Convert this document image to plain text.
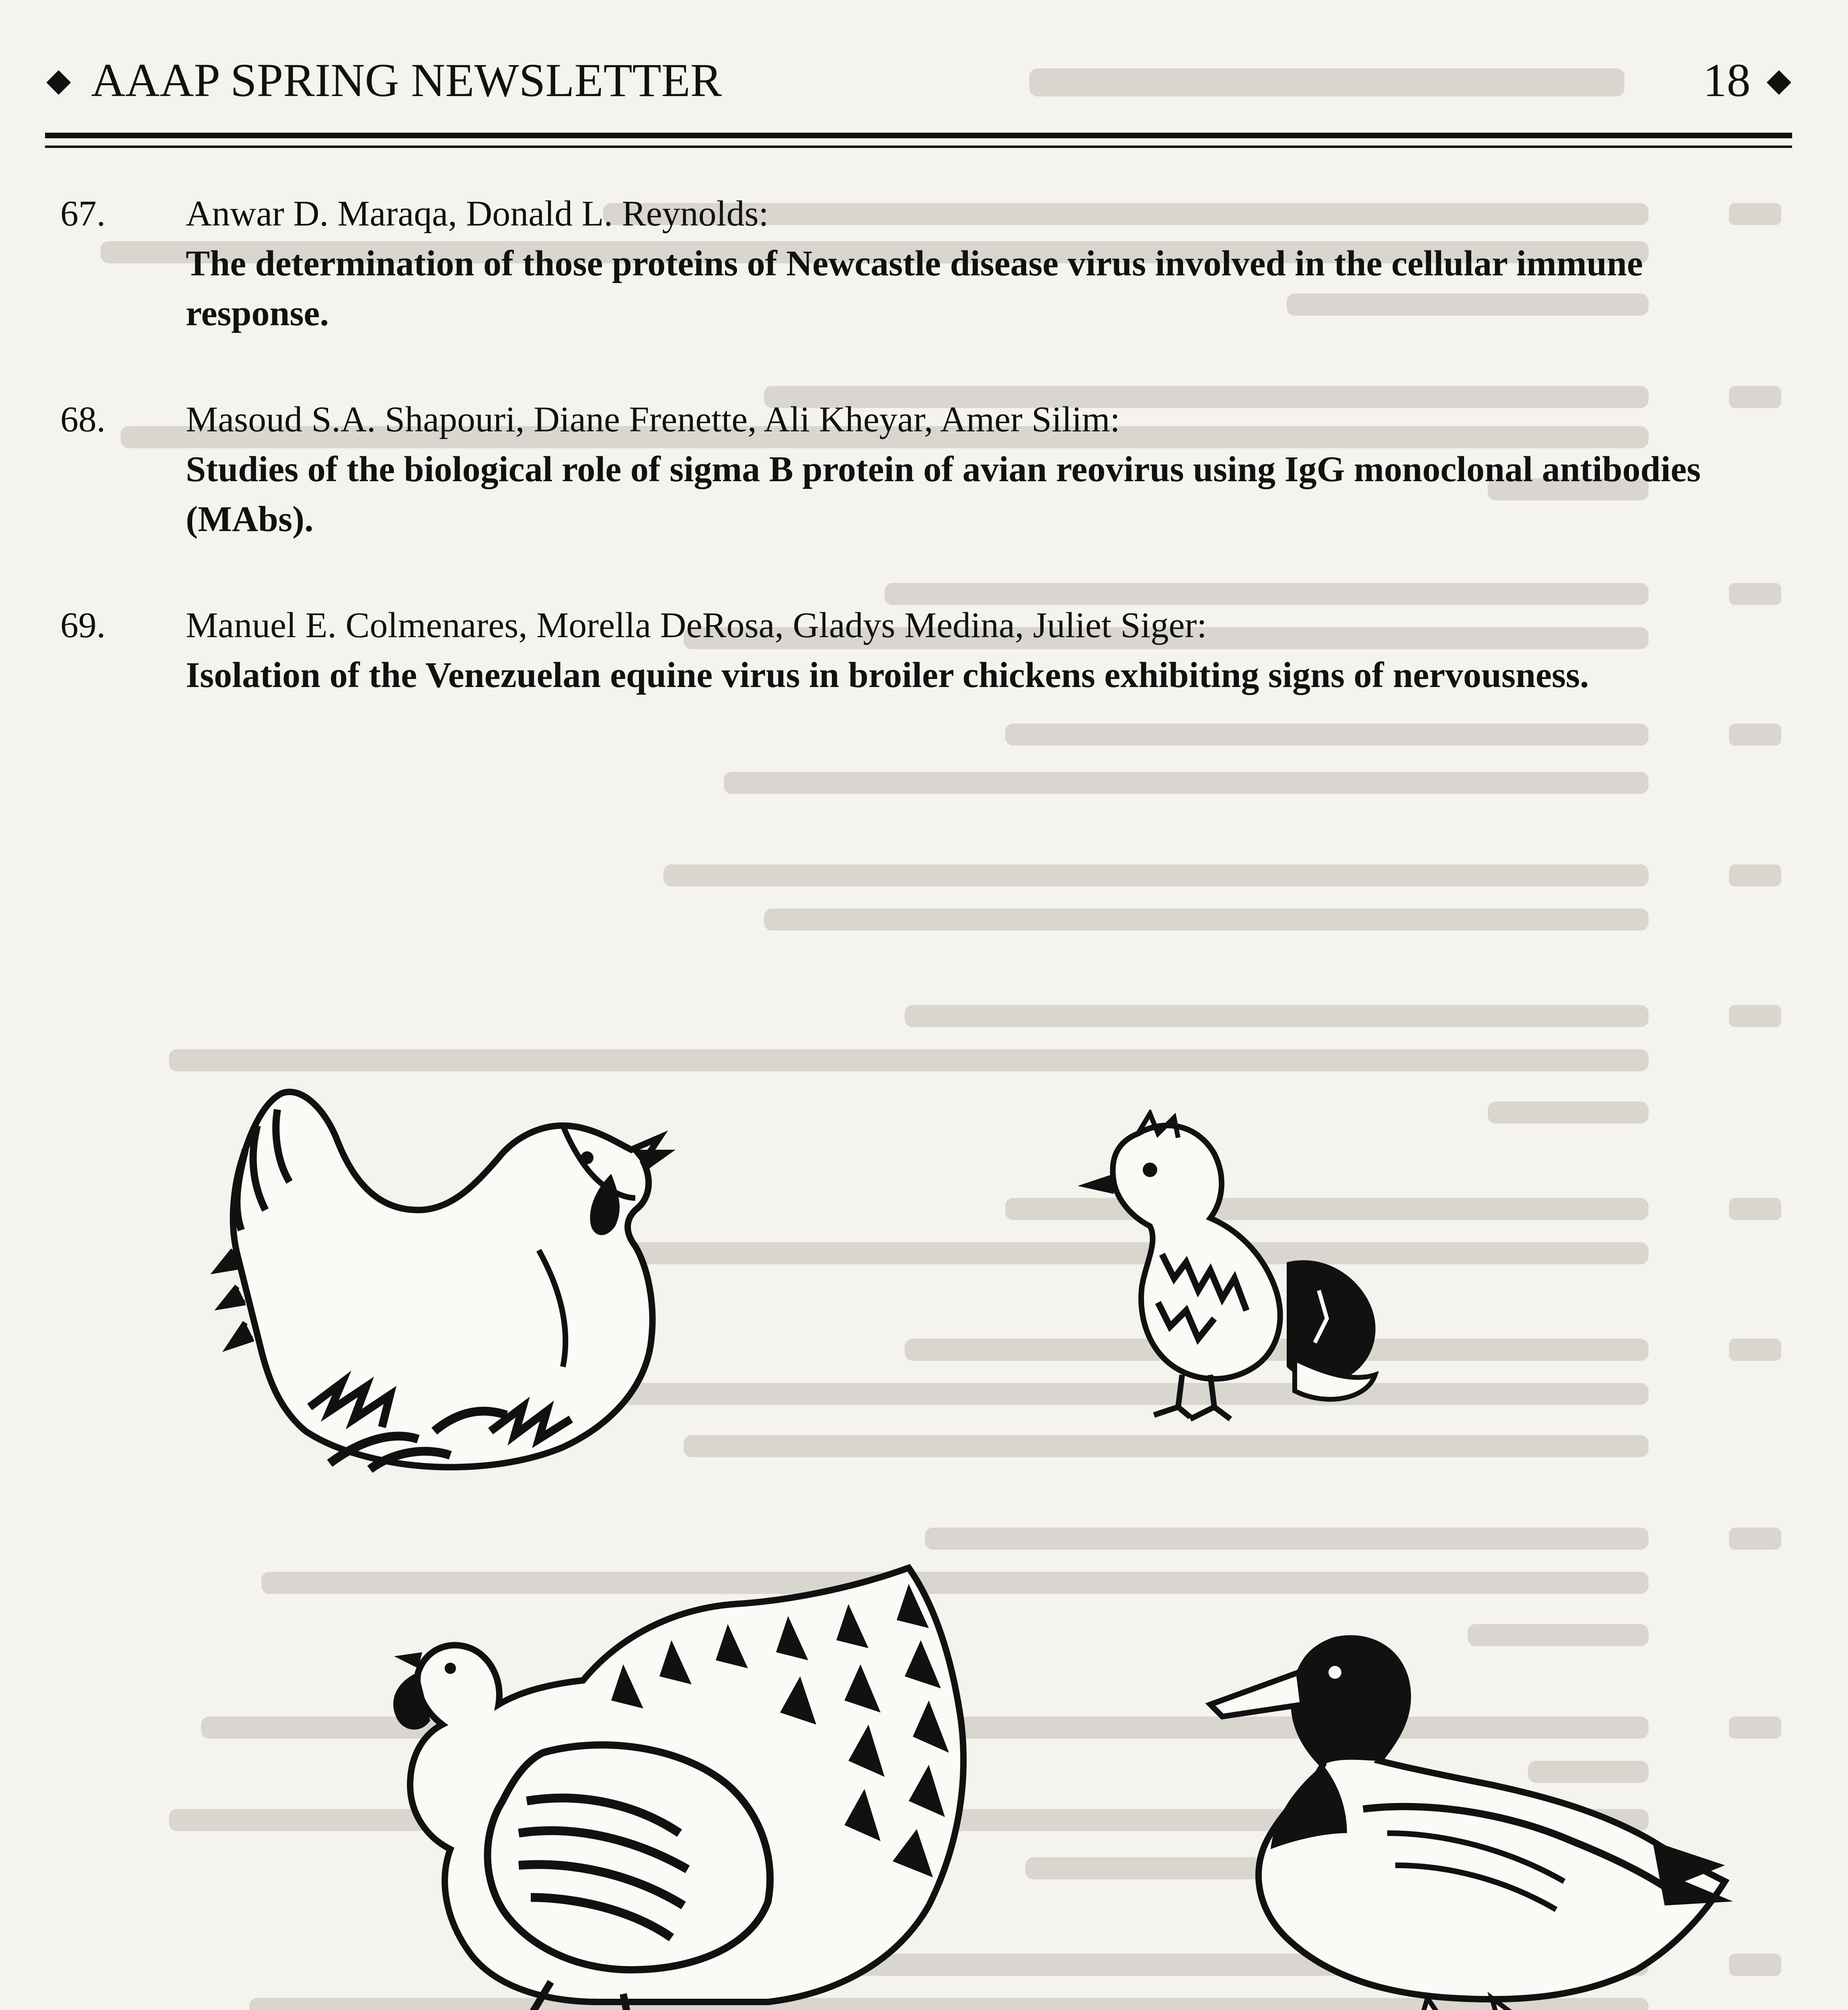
◆ AAAP SPRING NEWSLETTER	18 ◆
67. Anwar D. Maraqa, Donald L. Reynolds:
The determination of those proteins of Newcastle disease virus involved in the cellular immune response.
68. Masoud S.A. Shapouri, Diane Frenette, Ali Kheyar, Amer Silim:
Studies of the biological role of sigma B protein of avian reovirus using IgG monoclonal antibodies (MAbs).
69. Manuel E. Colmenares, Morella DeRosa, Gladys Medina, Juliet Siger:
Isolation of the Venezuelan equine virus in broiler chickens exhibiting signs of nervousness.
